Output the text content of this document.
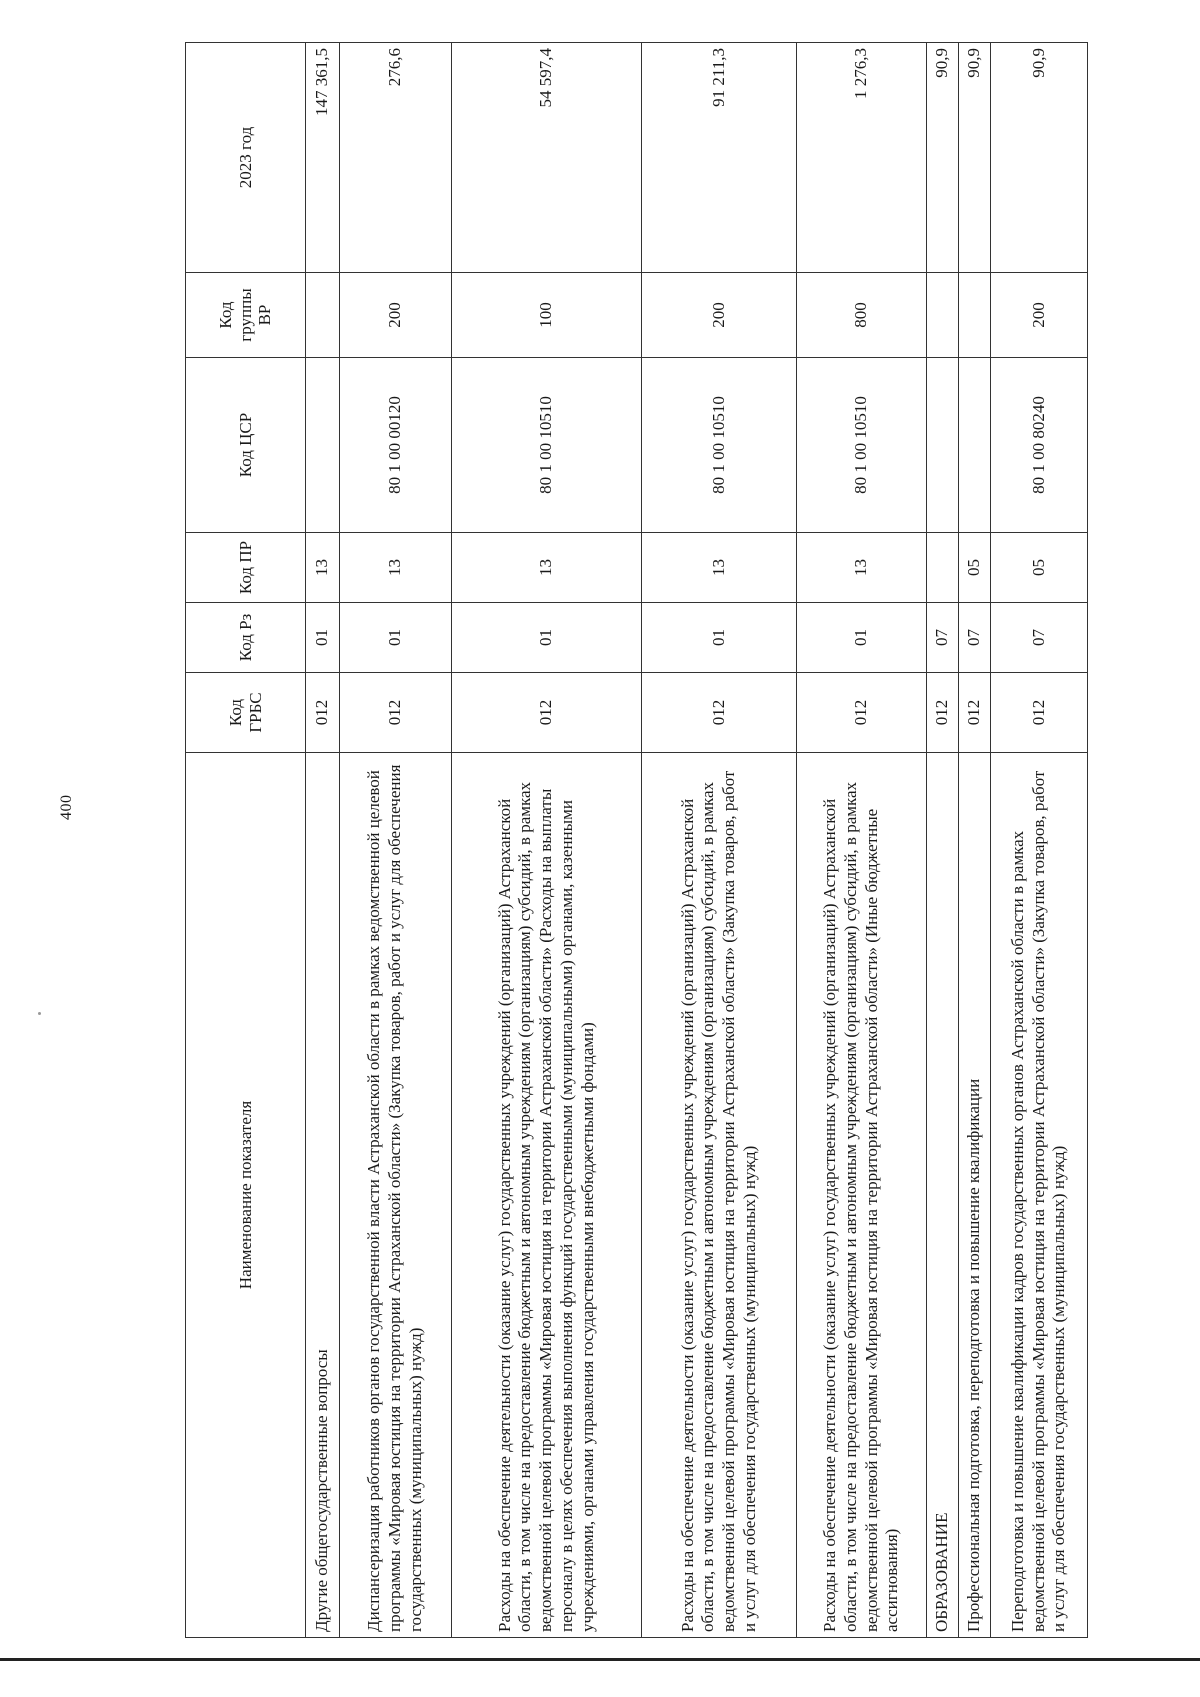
400
Наименование показателя	Код ГРБС	Код Рз	Код ПР	Код ЦСР	Код группы ВР	2023 год
Другие общегосударственные вопросы	012	01	13			147 361,5
Диспансеризация работников органов государственной власти Астраханской области в рамках ведомственной целевой программы «Мировая юстиция на территории Астраханской области» (Закупка товаров, работ и услуг для обеспечения государственных (муниципальных) нужд)	012	01	13	80 1 00 00120	200	276,6
Расходы на обеспечение деятельности (оказание услуг) государственных учреждений (организаций) Астраханской области, в том числе на предоставление бюджетным и автономным учреждениям (организациям) субсидий, в рамках ведомственной целевой программы «Мировая юстиция на территории Астраханской области» (Расходы на выплаты персоналу в целях обеспечения выполнения функций государственными (муниципальными) органами, казенными учреждениями, органами управления государственными внебюджетными фондами)	012	01	13	80 1 00 10510	100	54 597,4
Расходы на обеспечение деятельности (оказание услуг) государственных учреждений (организаций) Астраханской области, в том числе на предоставление бюджетным и автономным учреждениям (организациям) субсидий, в рамках ведомственной целевой программы «Мировая юстиция на территории Астраханской области» (Закупка товаров, работ и услуг для обеспечения государственных (муниципальных) нужд)	012	01	13	80 1 00 10510	200	91 211,3
Расходы на обеспечение деятельности (оказание услуг) государственных учреждений (организаций) Астраханской области, в том числе на предоставление бюджетным и автономным учреждениям (организациям) субсидий, в рамках ведомственной целевой программы «Мировая юстиция на территории Астраханской области» (Иные бюджетные ассигнования)	012	01	13	80 1 00 10510	800	1 276,3
ОБРАЗОВАНИЕ	012	07				90,9
Профессиональная подготовка, переподготовка и повышение квалификации	012	07	05			90,9
Переподготовка и повышение квалификации кадров государственных органов Астраханской области в рамках ведомственной целевой программы «Мировая юстиция на территории Астраханской области» (Закупка товаров, работ и услуг для обеспечения государственных (муниципальных) нужд)	012	07	05	80 1 00 80240	200	90,9
